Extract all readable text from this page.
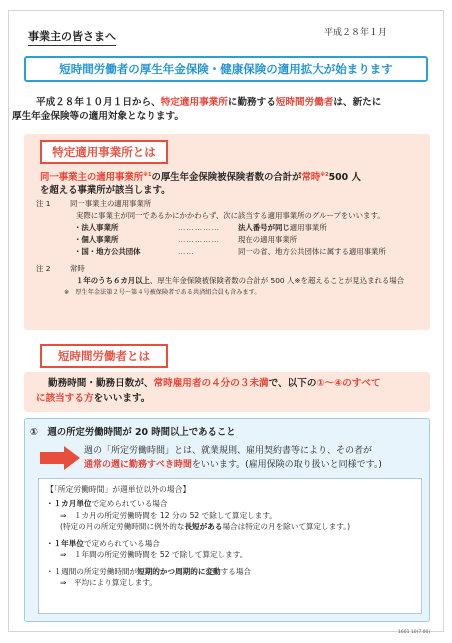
事業主の皆さまへ	平成２８年１月
短時間労働者の厚生年金保険・健康保険の適用拡大が始まります
平成２８年１０月１日から、特定適用事業所に勤務する短時間労働者は、新たに
厚生年金保険等の適用対象となります。
特定適用事業所とは
同一事業主の適用事業所$^{※1}$の厚生年金保険被保険者数の合計が常時$^{※2}$500 人
を超える事業所が該当します。
注 1	同一事業主の適用事業所
実際に事業主が同一であるかにかかわらず、次に該当する適用事業所のグループをいいます。
・法人事業所	……………	法人番号が同じ適用事業所
・個人事業所	……………	現在の適用事業所
・国・地方公共団体	……	同一の省、地方公共団体に属する適用事業所
注 2	常時
１年のうち６カ月以上、厚生年金保険被保険者数の合計が 500 人※を超えることが見込まれる場合
※　厚生年金法第２号〜第４号被保険者である共済組合員も含みます。
短時間労働者とは
勤務時間・勤務日数が、常時雇用者の４分の３未満で、以下の①〜④のすべて
に該当する方をいいます。
①　週の所定労働時間が 20 時間以上であること
週の「所定労働時間」とは、就業規則、雇用契約書等により、その者が
通常の週に勤務すべき時間をいいます。(雇用保険の取り扱いと同様です。)
【「所定労働時間」が週単位以外の場合】
・１カ月単位で定められている場合
⇒　１カ月の所定労働時間を 12 分の 52 で除して算定します。
(特定の月の所定労働時間に例外的な長短がある場合は特定の月を除いて算定します。)
・１年単位で定められている場合
⇒　１年間の所定労働時間を 52 で除して算定します。
・１週間の所定労働時間が短期的かつ周期的に変動する場合
⇒　平均により算定します。
1601 10(7.00)
